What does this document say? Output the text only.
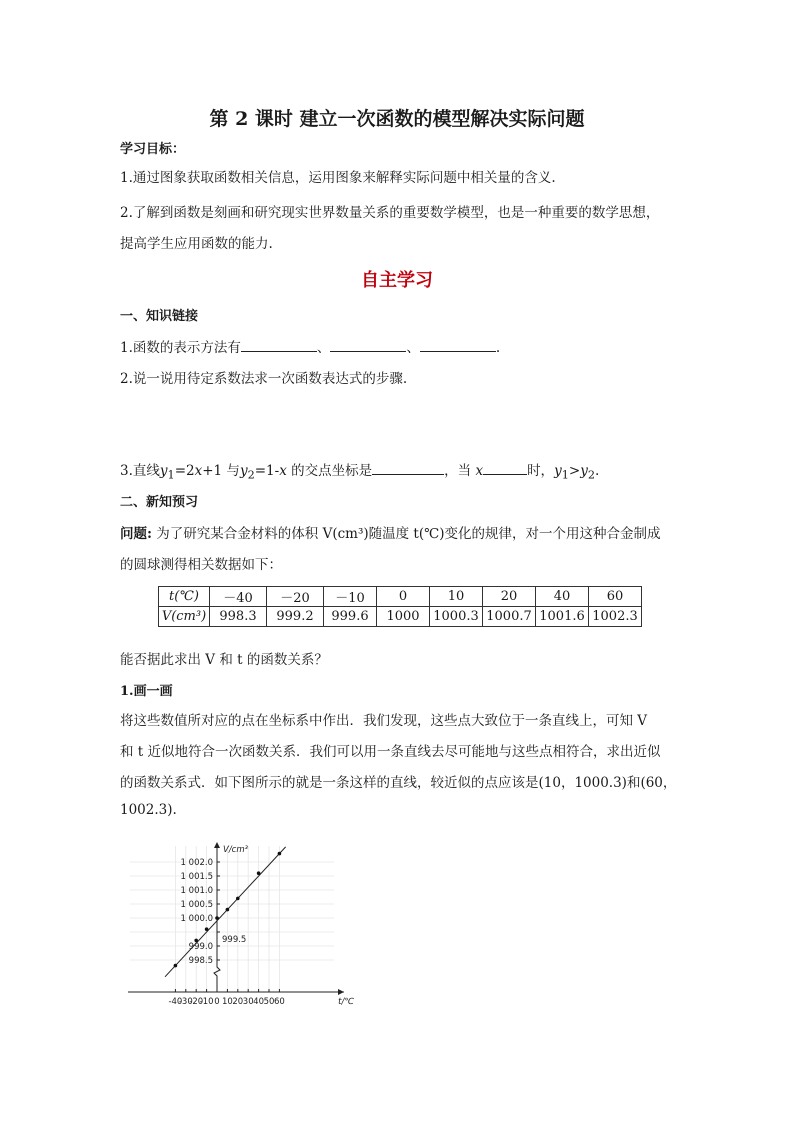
第 2 课时 建立一次函数的模型解决实际问题
学习目标：
1.通过图象获取函数相关信息，运用图象来解释实际问题中相关量的含义.
2.了解到函数是刻画和研究现实世界数量关系的重要数学模型，也是一种重要的数学思想，
提高学生应用函数的能力.
自主学习
一、知识链接
1.函数的表示方法有	、	、	.
2.说一说用待定系数法求一次函数表达式的步骤.
3.直线$y_1=2x+1$ 与$y_2=1-x$ 的交点坐标是	，当 x	时，$y_1>y_2$.
二、新知预习
问题: 为了研究某合金材料的体积 V(cm³)随温度 t(℃)变化的规律，对一个用这种合金制成
的圆球测得相关数据如下：
t(℃)	－40	－20	－10	0	10	20	40	60
V(cm³)	998.3	999.2	999.6	1000	1000.3	1000.7	1001.6	1002.3
能否据此求出 V 和 t 的函数关系？
1.画一画
将这些数值所对应的点在坐标系中作出．我们发现，这些点大致位于一条直线上，可知 V
和 t 近似地符合一次函数关系．我们可以用一条直线去尽可能地与这些点相符合，求出近似
的函数关系式．如下图所示的就是一条这样的直线，较近似的点应该是(10，1000.3)和(60，
1002.3).
-40
-30
-20
-10 0 10 20 30 40 50 60
998.5
999.0
999.5
1 000.0
1 000.5
1 001.0
1 001.5
1 002.0
t/℃
V/cm³
